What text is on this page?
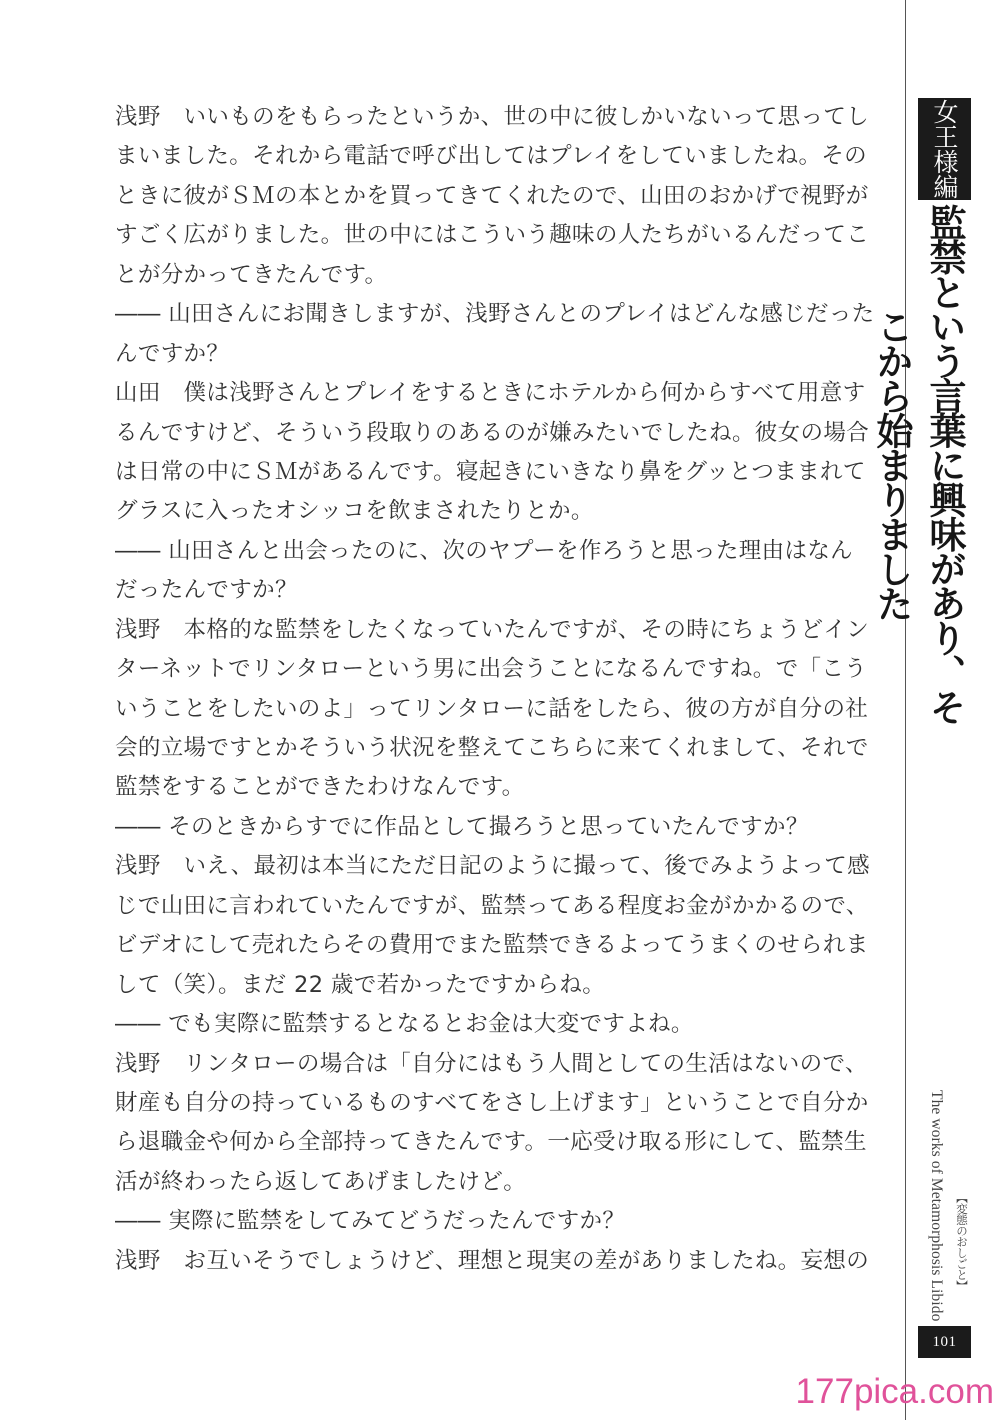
浅野　いいものをもらったというか、世の中に彼しかいないって思ってし
まいました。それから電話で呼び出してはプレイをしていましたね。その
ときに彼がＳＭの本とかを買ってきてくれたので、山田のおかげで視野が
すごく広がりました。世の中にはこういう趣味の人たちがいるんだってこ
とが分かってきたんです。
―― 山田さんにお聞きしますが、浅野さんとのプレイはどんな感じだった
んですか？
山田　僕は浅野さんとプレイをするときにホテルから何からすべて用意す
るんですけど、そういう段取りのあるのが嫌みたいでしたね。彼女の場合
は日常の中にＳＭがあるんです。寝起きにいきなり鼻をグッとつままれて
グラスに入ったオシッコを飲まされたりとか。
―― 山田さんと出会ったのに、次のヤプーを作ろうと思った理由はなん
だったんですか？
浅野　本格的な監禁をしたくなっていたんですが、その時にちょうどイン
ターネットでリンタローという男に出会うことになるんですね。で「こう
いうことをしたいのよ」ってリンタローに話をしたら、彼の方が自分の社
会的立場ですとかそういう状況を整えてこちらに来てくれまして、それで
監禁をすることができたわけなんです。
―― そのときからすでに作品として撮ろうと思っていたんですか？
浅野　いえ、最初は本当にただ日記のように撮って、後でみようよって感
じで山田に言われていたんですが、監禁ってある程度お金がかかるので、
ビデオにして売れたらその費用でまた監禁できるよってうまくのせられま
して（笑）。まだ 22 歳で若かったですからね。
―― でも実際に監禁するとなるとお金は大変ですよね。
浅野　リンタローの場合は「自分にはもう人間としての生活はないので、
財産も自分の持っているものすべてをさし上げます」ということで自分か
ら退職金や何から全部持ってきたんです。一応受け取る形にして、監禁生
活が終わったら返してあげましたけど。
―― 実際に監禁をしてみてどうだったんですか？
浅野　お互いそうでしょうけど、理想と現実の差がありましたね。妄想の
女王様編
監禁という言葉に興味があり、そこから始まりました
【変態のおしごと】
The works of Metamorphosis Libido
101
177pica.com
